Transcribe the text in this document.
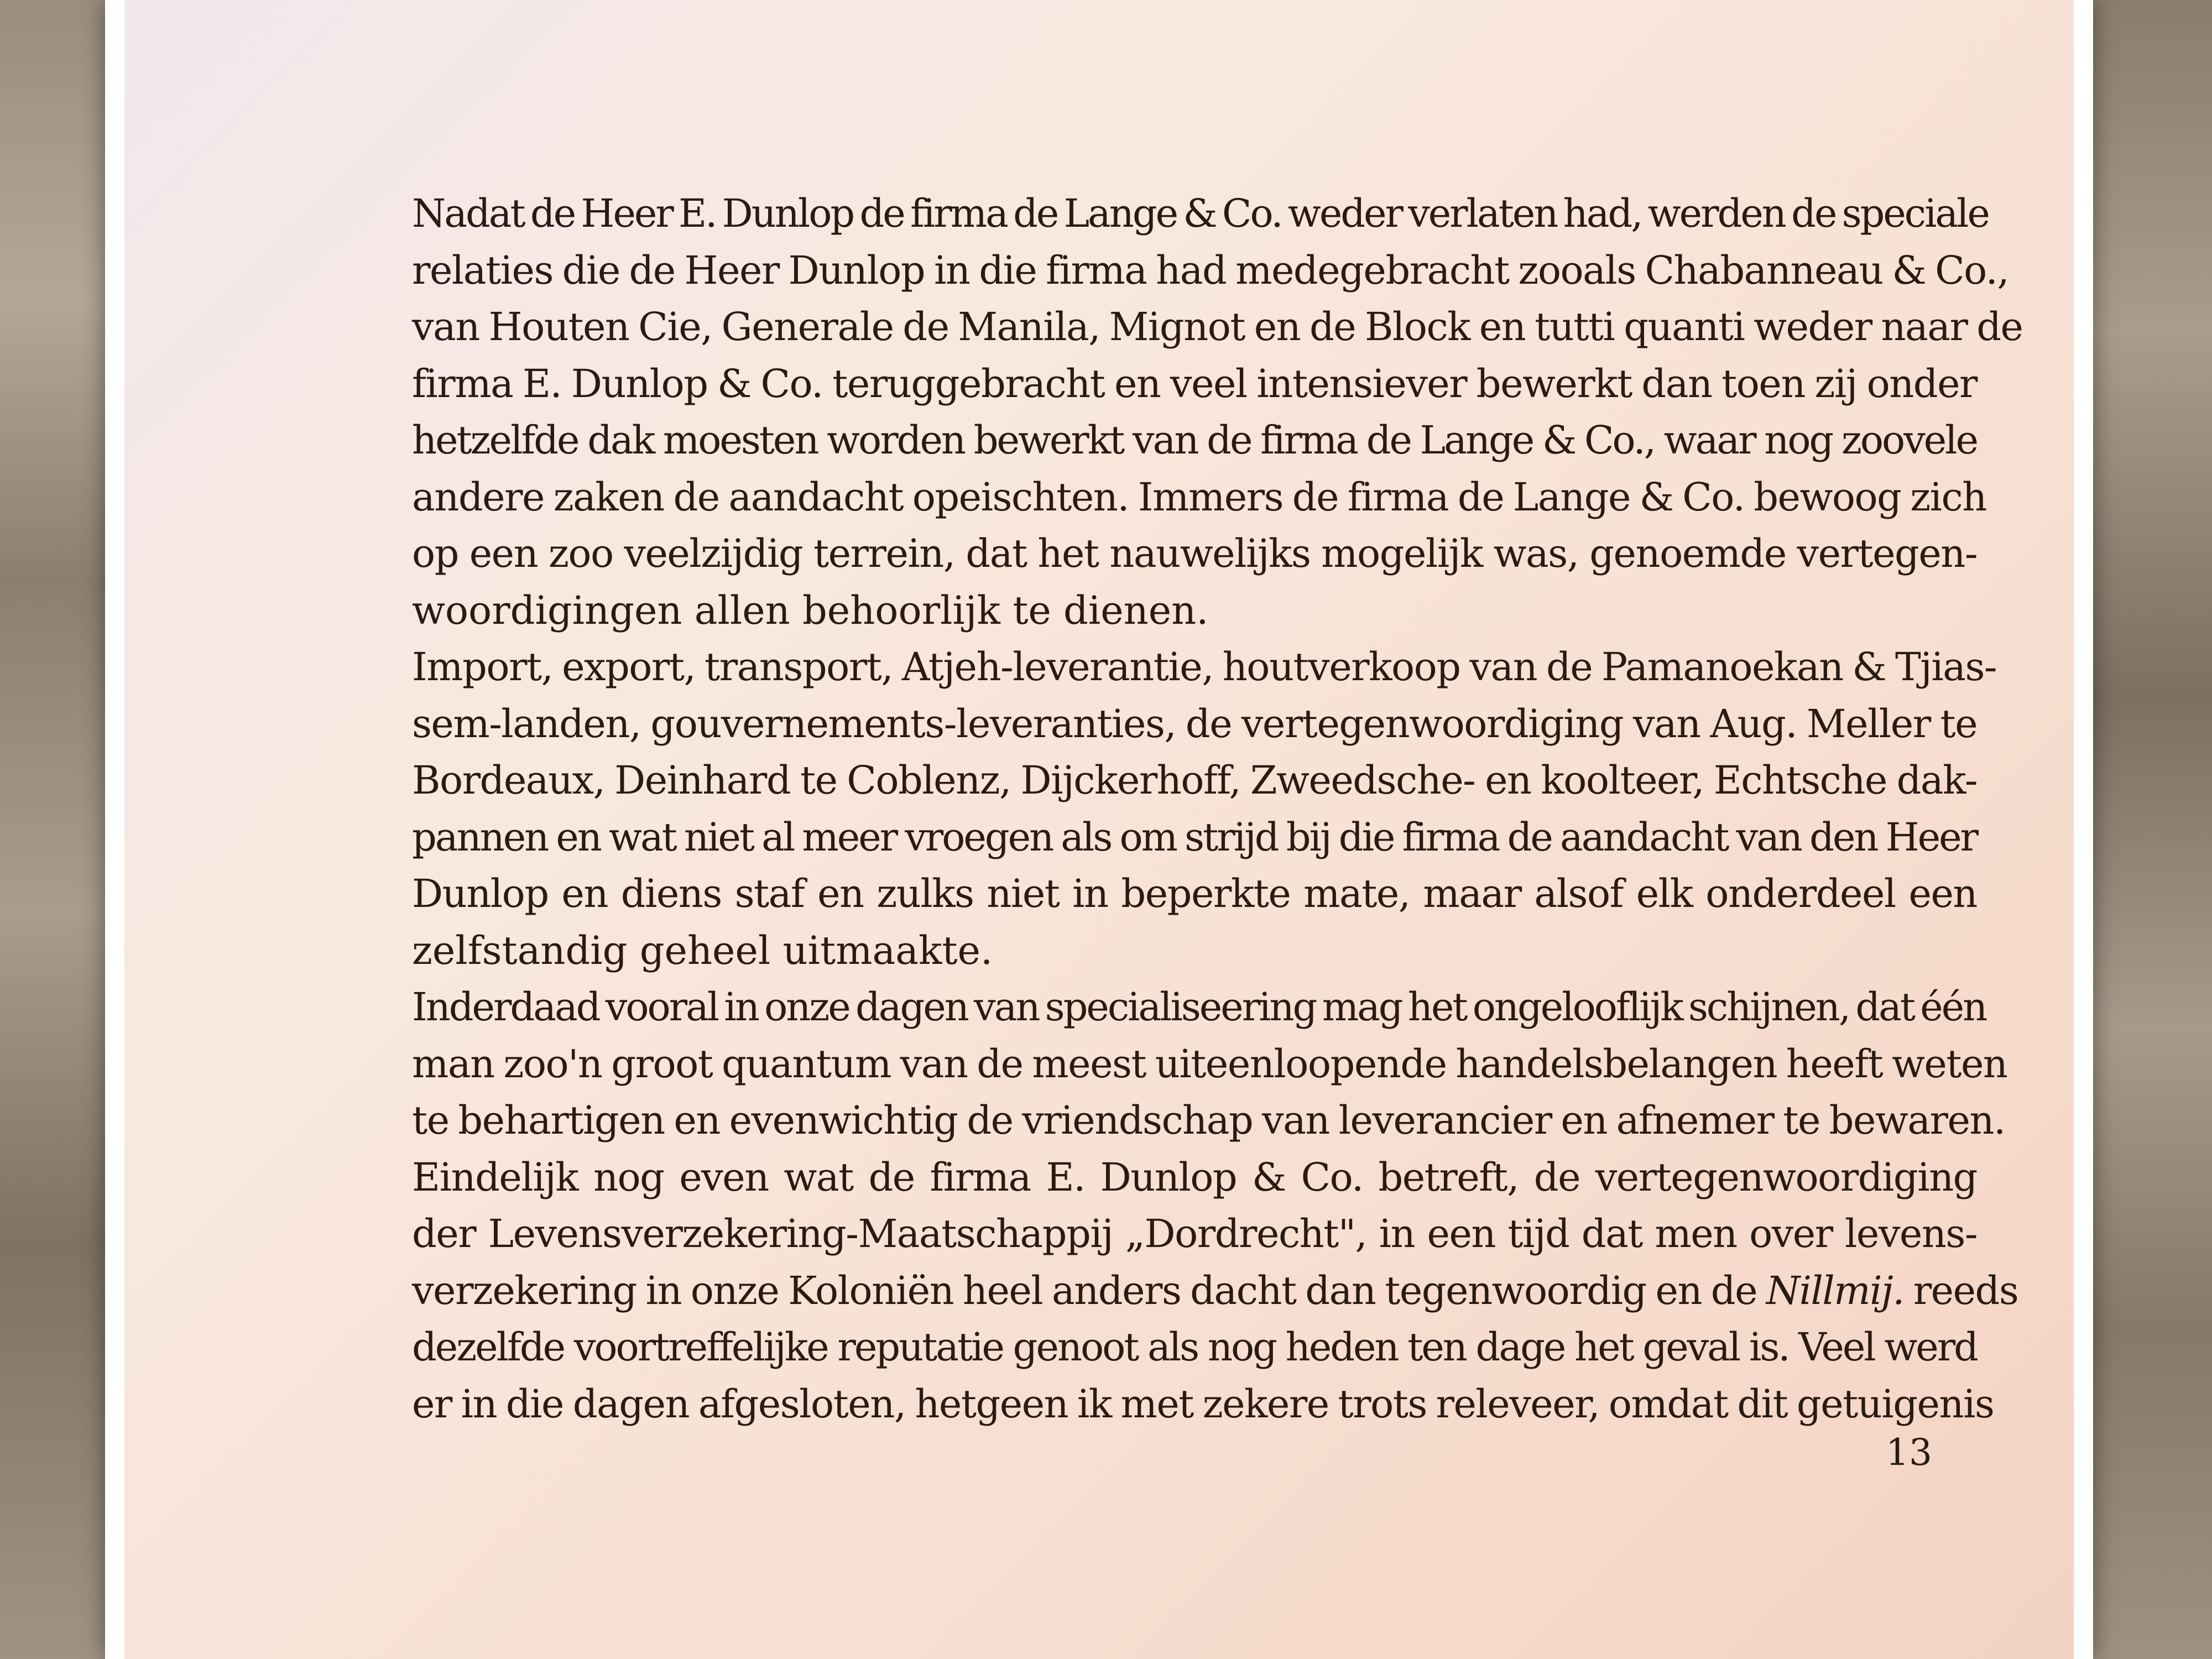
Nadat de Heer E. Dunlop de firma de Lange & Co. weder verlaten had, werden de speciale
relaties die de Heer Dunlop in die firma had medegebracht zooals Chabanneau & Co.,
van Houten Cie, Generale de Manila, Mignot en de Block en tutti quanti weder naar de
firma E. Dunlop & Co. teruggebracht en veel intensiever bewerkt dan toen zij onder
hetzelfde dak moesten worden bewerkt van de firma de Lange & Co., waar nog zoovele
andere zaken de aandacht opeischten. Immers de firma de Lange & Co. bewoog zich
op een zoo veelzijdig terrein, dat het nauwelijks mogelijk was, genoemde vertegen-
woordigingen allen behoorlijk te dienen.
Import, export, transport, Atjeh-leverantie, houtverkoop van de Pamanoekan & Tjias-
sem-landen, gouvernements-leveranties, de vertegenwoordiging van Aug. Meller te
Bordeaux, Deinhard te Coblenz, Dijckerhoff, Zweedsche- en koolteer, Echtsche dak-
pannen en wat niet al meer vroegen als om strijd bij die firma de aandacht van den Heer
Dunlop en diens staf en zulks niet in beperkte mate, maar alsof elk onderdeel een
zelfstandig geheel uitmaakte.
Inderdaad vooral in onze dagen van specialiseering mag het ongelooflijk schijnen, dat één
man zoo'n groot quantum van de meest uiteenloopende handelsbelangen heeft weten
te behartigen en evenwichtig de vriendschap van leverancier en afnemer te bewaren.
Eindelijk nog even wat de firma E. Dunlop & Co. betreft, de vertegenwoordiging
der Levensverzekering-Maatschappij „Dordrecht", in een tijd dat men over levens-
verzekering in onze Koloniën heel anders dacht dan tegenwoordig en de Nillmij. reeds
dezelfde voortreffelijke reputatie genoot als nog heden ten dage het geval is. Veel werd
er in die dagen afgesloten, hetgeen ik met zekere trots releveer, omdat dit getuigenis
13
